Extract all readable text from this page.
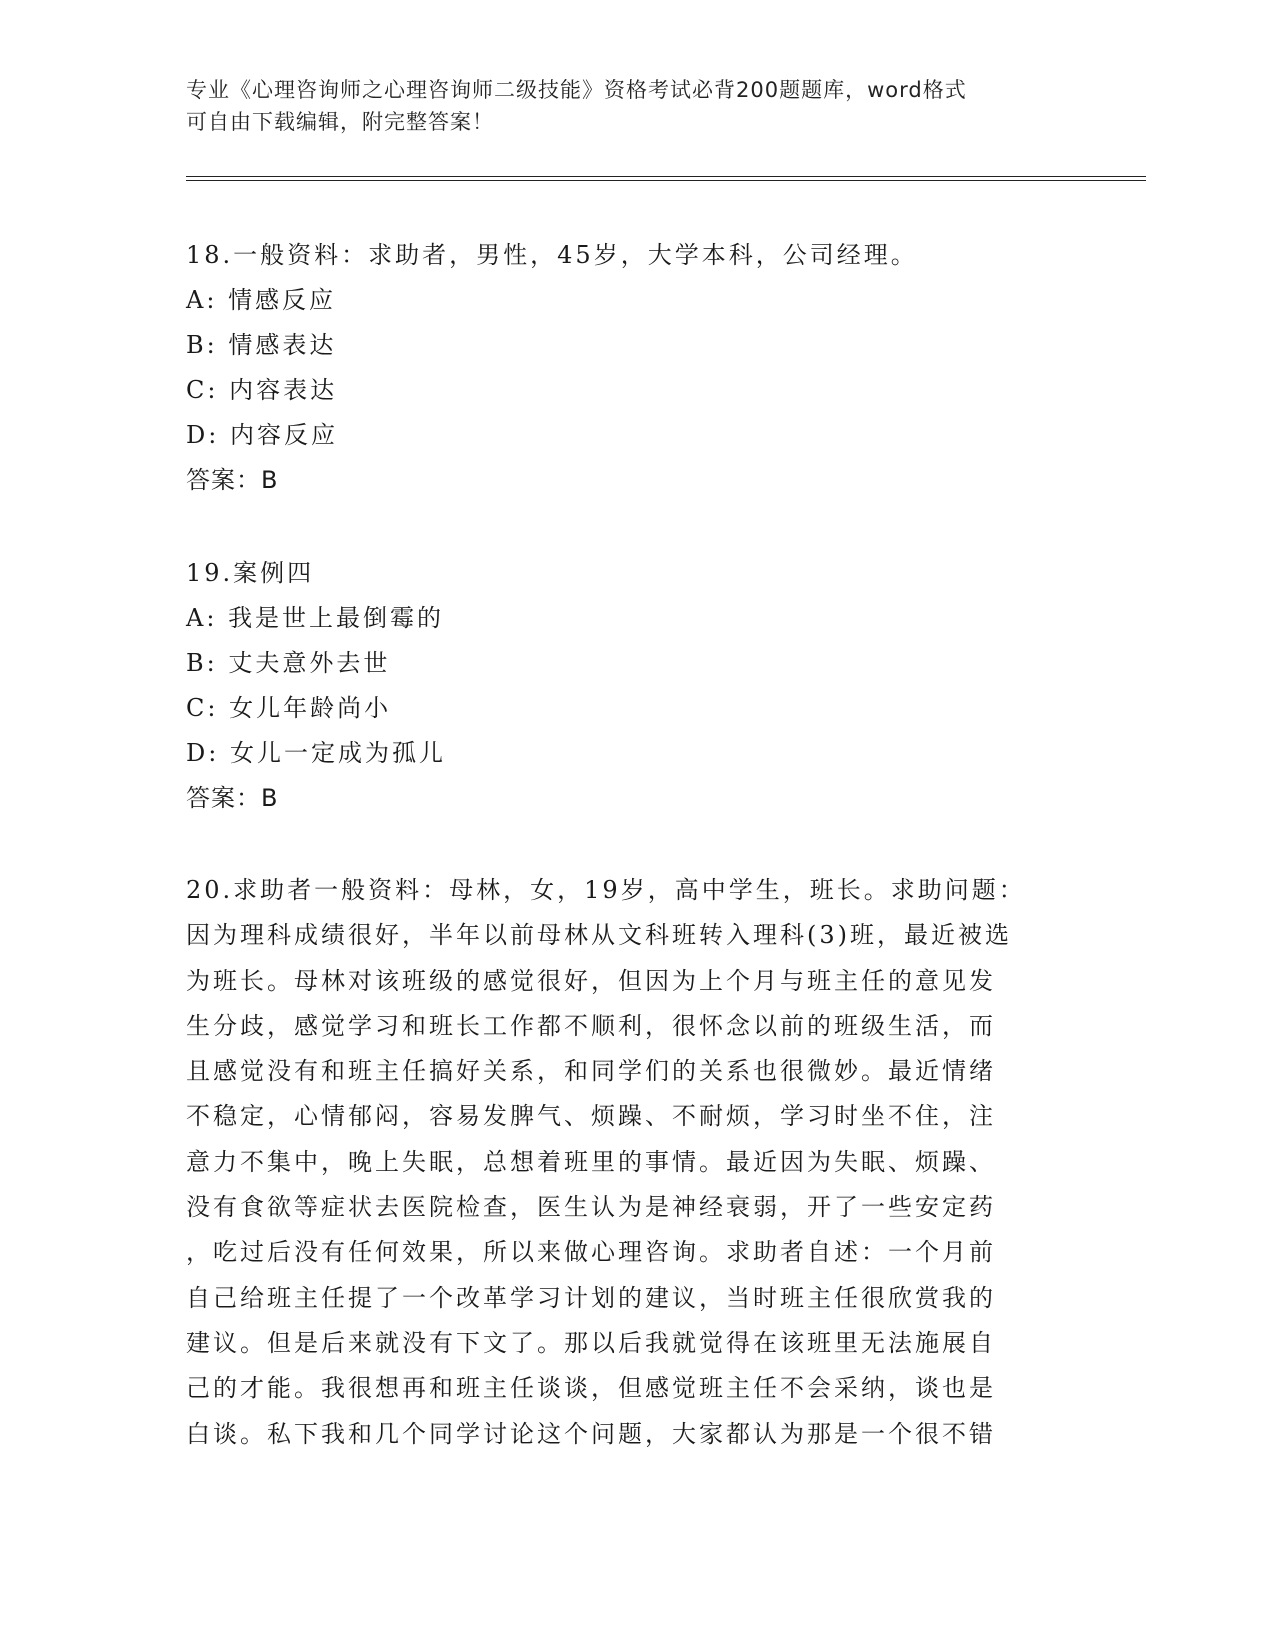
专业《心理咨询师之心理咨询师二级技能》资格考试必背200题题库，word格式
可自由下载编辑，附完整答案！
18.一般资料：求助者，男性，45岁，大学本科，公司经理。
A: 情感反应
B: 情感表达
C: 内容表达
D: 内容反应
答案：B
19.案例四
A: 我是世上最倒霉的
B: 丈夫意外去世
C: 女儿年龄尚小
D: 女儿一定成为孤儿
答案：B
20.求助者一般资料：母林，女，19岁，高中学生，班长。求助问题：
因为理科成绩很好，半年以前母林从文科班转入理科(3)班，最近被选
为班长。母林对该班级的感觉很好，但因为上个月与班主任的意见发
生分歧，感觉学习和班长工作都不顺利，很怀念以前的班级生活，而
且感觉没有和班主任搞好关系，和同学们的关系也很微妙。最近情绪
不稳定，心情郁闷，容易发脾气、烦躁、不耐烦，学习时坐不住，注
意力不集中，晚上失眠，总想着班里的事情。最近因为失眠、烦躁、
没有食欲等症状去医院检查，医生认为是神经衰弱，开了一些安定药
，吃过后没有任何效果，所以来做心理咨询。求助者自述：一个月前
自己给班主任提了一个改革学习计划的建议，当时班主任很欣赏我的
建议。但是后来就没有下文了。那以后我就觉得在该班里无法施展自
己的才能。我很想再和班主任谈谈，但感觉班主任不会采纳，谈也是
白谈。私下我和几个同学讨论这个问题，大家都认为那是一个很不错
